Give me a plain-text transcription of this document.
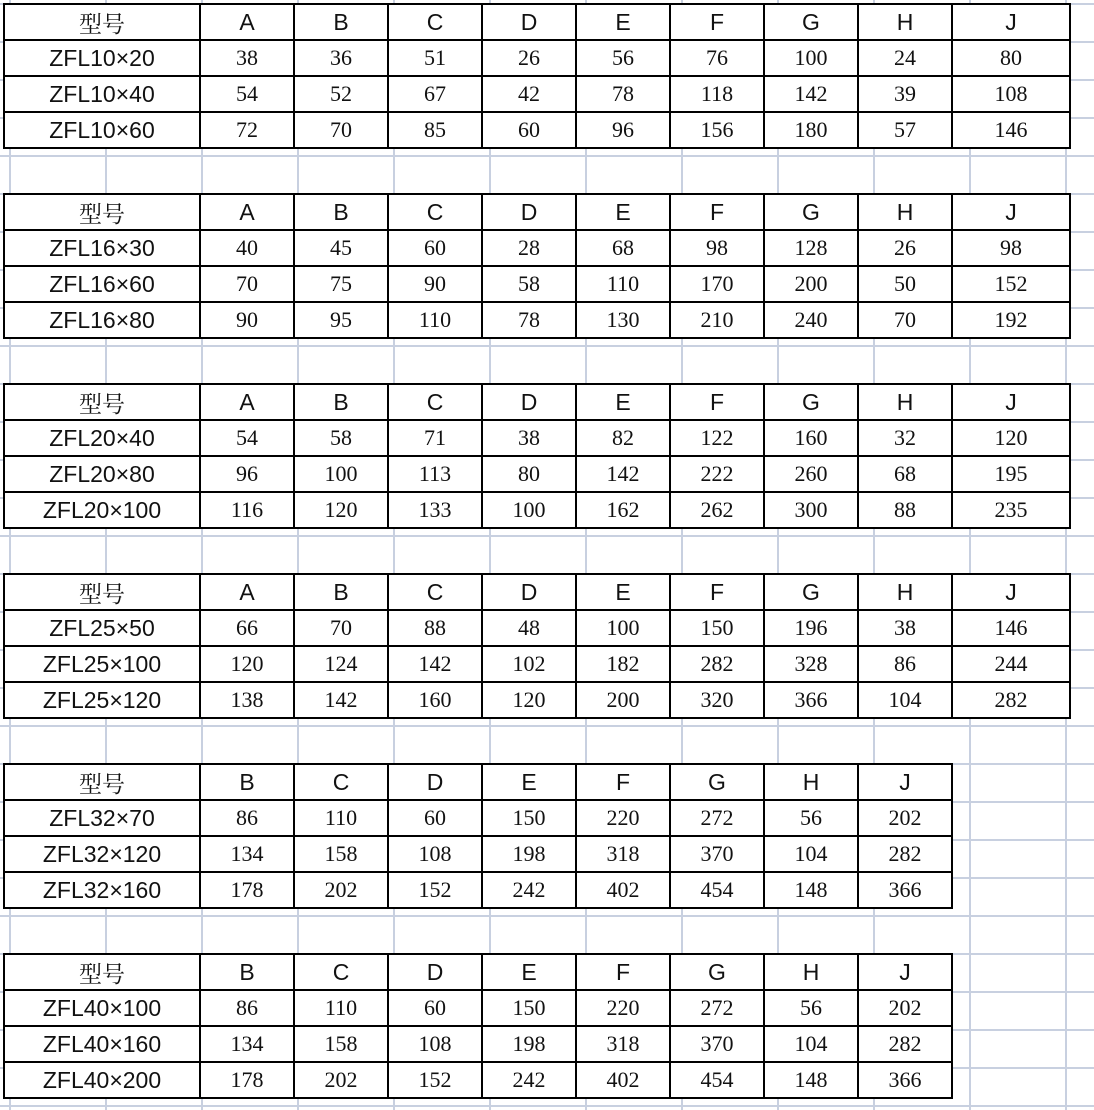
型号	A	B	C	D	E	F	G	H	J
ZFL10×20	38	36	51	26	56	76	100	24	80
ZFL10×40	54	52	67	42	78	118	142	39	108
ZFL10×60	72	70	85	60	96	156	180	57	146
型号	A	B	C	D	E	F	G	H	J
ZFL16×30	40	45	60	28	68	98	128	26	98
ZFL16×60	70	75	90	58	110	170	200	50	152
ZFL16×80	90	95	110	78	130	210	240	70	192
型号	A	B	C	D	E	F	G	H	J
ZFL20×40	54	58	71	38	82	122	160	32	120
ZFL20×80	96	100	113	80	142	222	260	68	195
ZFL20×100	116	120	133	100	162	262	300	88	235
型号	A	B	C	D	E	F	G	H	J
ZFL25×50	66	70	88	48	100	150	196	38	146
ZFL25×100	120	124	142	102	182	282	328	86	244
ZFL25×120	138	142	160	120	200	320	366	104	282
型号	B	C	D	E	F	G	H	J
ZFL32×70	86	110	60	150	220	272	56	202
ZFL32×120	134	158	108	198	318	370	104	282
ZFL32×160	178	202	152	242	402	454	148	366
型号	B	C	D	E	F	G	H	J
ZFL40×100	86	110	60	150	220	272	56	202
ZFL40×160	134	158	108	198	318	370	104	282
ZFL40×200	178	202	152	242	402	454	148	366
